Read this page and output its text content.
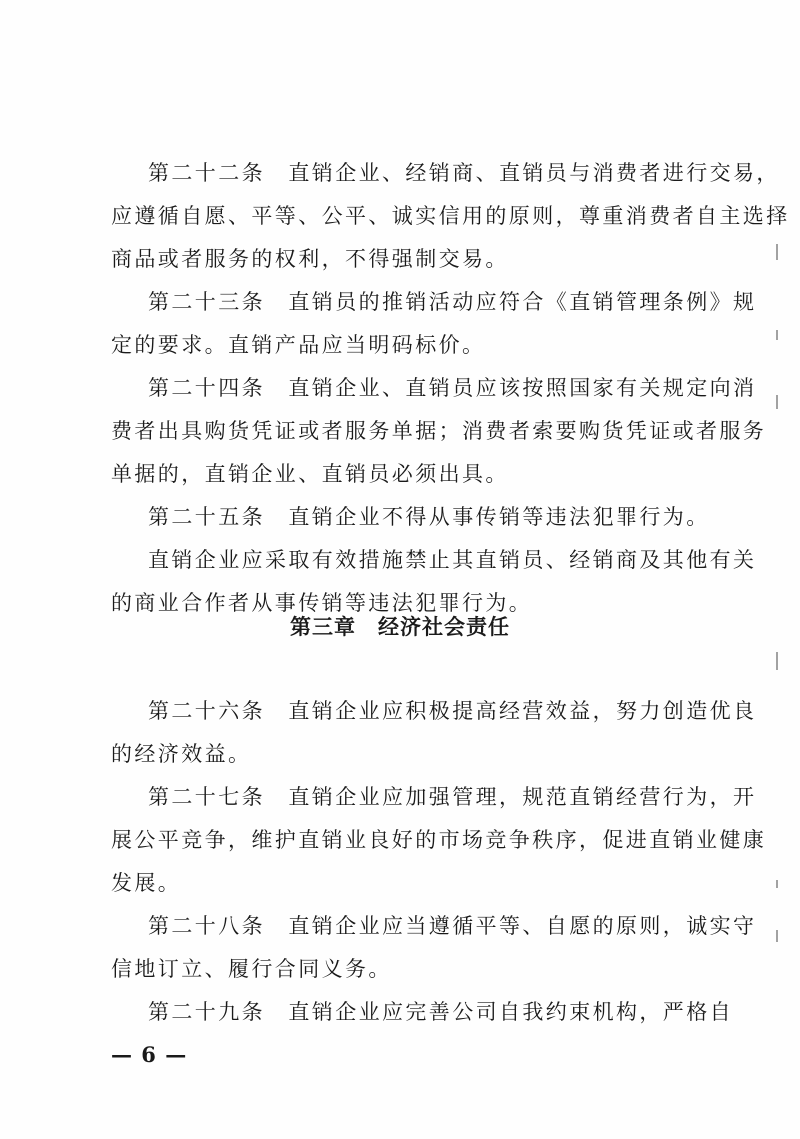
第二十二条　直销企业、经销商、直销员与消费者进行交易，
应遵循自愿、平等、公平、诚实信用的原则，尊重消费者自主选择
商品或者服务的权利，不得强制交易。
第二十三条　直销员的推销活动应符合《直销管理条例》规
定的要求。直销产品应当明码标价。
第二十四条　直销企业、直销员应该按照国家有关规定向消
费者出具购货凭证或者服务单据；消费者索要购货凭证或者服务
单据的，直销企业、直销员必须出具。
第二十五条　直销企业不得从事传销等违法犯罪行为。
直销企业应采取有效措施禁止其直销员、经销商及其他有关
的商业合作者从事传销等违法犯罪行为。
第三章　经济社会责任
第二十六条　直销企业应积极提高经营效益，努力创造优良
的经济效益。
第二十七条　直销企业应加强管理，规范直销经营行为，开
展公平竞争，维护直销业良好的市场竞争秩序，促进直销业健康
发展。
第二十八条　直销企业应当遵循平等、自愿的原则，诚实守
信地订立、履行合同义务。
第二十九条　直销企业应完善公司自我约束机构，严格自
— 6 —
